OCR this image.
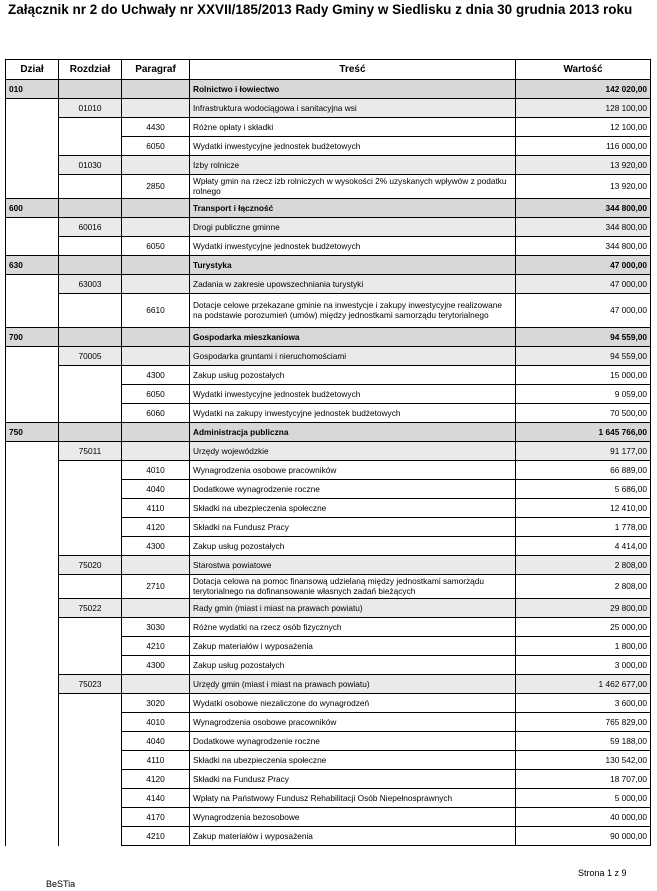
Załącznik nr 2 do Uchwały nr XXVII/185/2013 Rady Gminy w Siedlisku z dnia 30 grudnia 2013 roku
Dział	Rozdział	Paragraf	Treść	Wartość
010			Rolnictwo i łowiectwo	142 020,00
	01010		Infrastruktura wodociągowa i sanitacyjna wsi	128 100,00
		4430	Różne opłaty i składki	12 100,00
		6050	Wydatki inwestycyjne jednostek budżetowych	116 000,00
	01030		Izby rolnicze	13 920,00
		2850	Wpłaty gmin na rzecz izb rolniczych w wysokości 2% uzyskanych wpływów z podatku rolnego	13 920,00
600			Transport i łączność	344 800,00
	60016		Drogi publiczne gminne	344 800,00
		6050	Wydatki inwestycyjne jednostek budżetowych	344 800,00
630			Turystyka	47 000,00
	63003		Zadania w zakresie upowszechniania turystyki	47 000,00
		6610	Dotacje celowe przekazane gminie na inwestycje i zakupy inwestycyjne realizowane na podstawie porozumień (umów) między jednostkami samorządu terytorialnego	47 000,00
700			Gospodarka mieszkaniowa	94 559,00
	70005		Gospodarka gruntami i nieruchomościami	94 559,00
		4300	Zakup usług pozostałych	15 000,00
		6050	Wydatki inwestycyjne jednostek budżetowych	9 059,00
		6060	Wydatki na zakupy inwestycyjne jednostek budżetowych	70 500,00
750			Administracja publiczna	1 645 766,00
	75011		Urzędy wojewódzkie	91 177,00
		4010	Wynagrodzenia osobowe pracowników	66 889,00
		4040	Dodatkowe wynagrodzenie roczne	5 686,00
		4110	Składki na ubezpieczenia społeczne	12 410,00
		4120	Składki na Fundusz Pracy	1 778,00
		4300	Zakup usług pozostałych	4 414,00
	75020		Starostwa powiatowe	2 808,00
		2710	Dotacja celowa na pomoc finansową udzielaną między jednostkami samorządu terytorialnego na dofinansowanie własnych zadań bieżących	2 808,00
	75022		Rady gmin (miast i miast na prawach powiatu)	29 800,00
		3030	Różne wydatki na rzecz osób fizycznych	25 000,00
		4210	Zakup materiałów i wyposażenia	1 800,00
		4300	Zakup usług pozostałych	3 000,00
	75023		Urzędy gmin (miast i miast na prawach powiatu)	1 462 677,00
		3020	Wydatki osobowe niezaliczone do wynagrodzeń	3 600,00
		4010	Wynagrodzenia osobowe pracowników	765 829,00
		4040	Dodatkowe wynagrodzenie roczne	59 188,00
		4110	Składki na ubezpieczenia społeczne	130 542,00
		4120	Składki na Fundusz Pracy	18 707,00
		4140	Wpłaty na Państwowy Fundusz Rehabilitacji Osób Niepełnosprawnych	5 000,00
		4170	Wynagrodzenia bezosobowe	40 000,00
		4210	Zakup materiałów i wyposażenia	90 000,00
Strona 1 z 9
BeSTia
